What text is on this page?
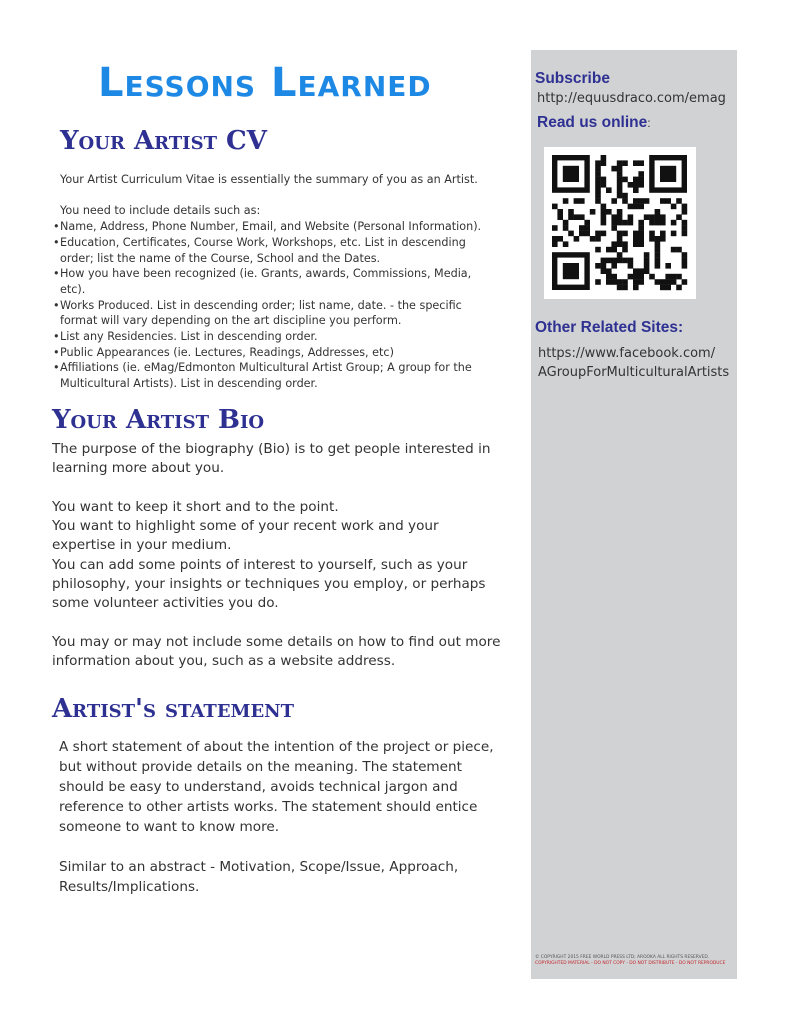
Lessons Learned
Your Artist CV

Your Artist Curriculum Vitae is essentially the summary of you as an Artist.

You need to include details such as:

• Name, Address, Phone Number, Email, and Website (Personal Information).
• Education, Certificates, Course Work, Workshops, etc. List in descending order; list the name of the Course, School and the Dates.
• How you have been recognized (ie. Grants, awards, Commissions, Media, etc).
• Works Produced. List in descending order; list name, date. - the specific format will vary depending on the art discipline you perform.
• List any Residencies. List in descending order.
• Public Appearances (ie. Lectures, Readings, Addresses, etc)
• Affiliations (ie. eMag/Edmonton Multicultural Artist Group; A group for the Multicultural Artists). List in descending order.
Your Artist Bio

The purpose of the biography (Bio) is to get people interested in learning more about you.

You want to keep it short and to the point.

You want to highlight some of your recent work and your expertise in your medium.

You can add some points of interest to yourself, such as your philosophy, your insights or techniques you employ, or perhaps some volunteer activities you do.

You may or may not include some details on how to find out more information about you, such as a website address.

Artist's statement

A short statement of about the intention of the project or piece, but without provide details on the meaning. The statement should be easy to understand, avoids technical jargon and reference to other artists works. The statement should entice someone to want to know more.

Similar to an abstract - Motivation, Scope/Issue, Approach, Results/Implications.

Subscribe

http://equusdraco.com/emag

Read us online:

Other Related Sites:

https://www.facebook.com/
AGroupForMulticulturalArtists

© COPYRIGHT 2015 FREE WORLD PRESS LTD; AROOKA ALL RIGHTS RESERVED.
COPYRIGHTED MATERIAL - DO NOT COPY - DO NOT DISTRIBUTE - DO NOT REPRODUCE
